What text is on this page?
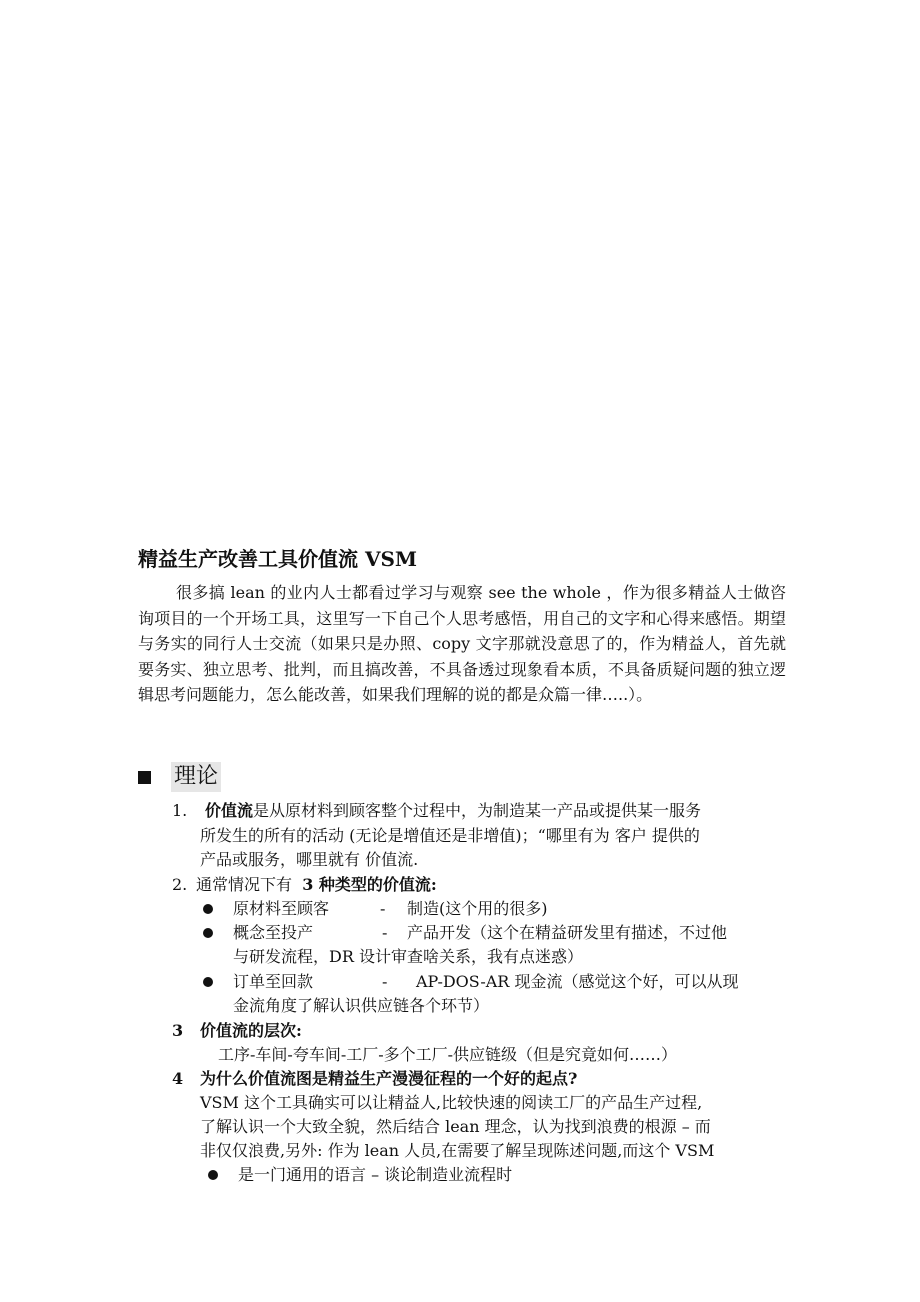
精益生产改善工具价值流 VSM
很多搞 lean 的业内人士都看过学习与观察 see the whole ，作为很多精益人士做咨询项目的一个开场工具，这里写一下自己个人思考感悟，用自己的文字和心得来感悟。期望与务实的同行人士交流（如果只是办照、copy 文字那就没意思了的，作为精益人，首先就要务实、独立思考、批判，而且搞改善，不具备透过现象看本质，不具备质疑问题的独立逻辑思考问题能力，怎么能改善，如果我们理解的说的都是众篇一律…..）。
理论
1. 价值流是从原材料到顾客整个过程中，为制造某一产品或提供某一服务
所发生的所有的活动 (无论是增值还是非增值)；“哪里有为 客户 提供的
产品或服务，哪里就有 价值流.
2. 通常情况下有 3 种类型的价值流:
原材料至顾客	- 制造(这个用的很多)
概念至投产	- 产品开发（这个在精益研发里有描述，不过他
与研发流程，DR 设计审查啥关系，我有点迷惑）
订单至回款	- AP-DOS-AR 现金流（感觉这个好，可以从现
金流角度了解认识供应链各个环节）
3 价值流的层次:
工序-车间-夸车间-工厂-多个工厂-供应链级（但是究竟如何……）
4 为什么价值流图是精益生产漫漫征程的一个好的起点?
VSM 这个工具确实可以让精益人,比较快速的阅读工厂的产品生产过程,
了解认识一个大致全貌，然后结合 lean 理念，认为找到浪费的根源 – 而
非仅仅浪费,另外: 作为 lean 人员,在需要了解呈现陈述问题,而这个 VSM
是一门通用的语言 – 谈论制造业流程时
